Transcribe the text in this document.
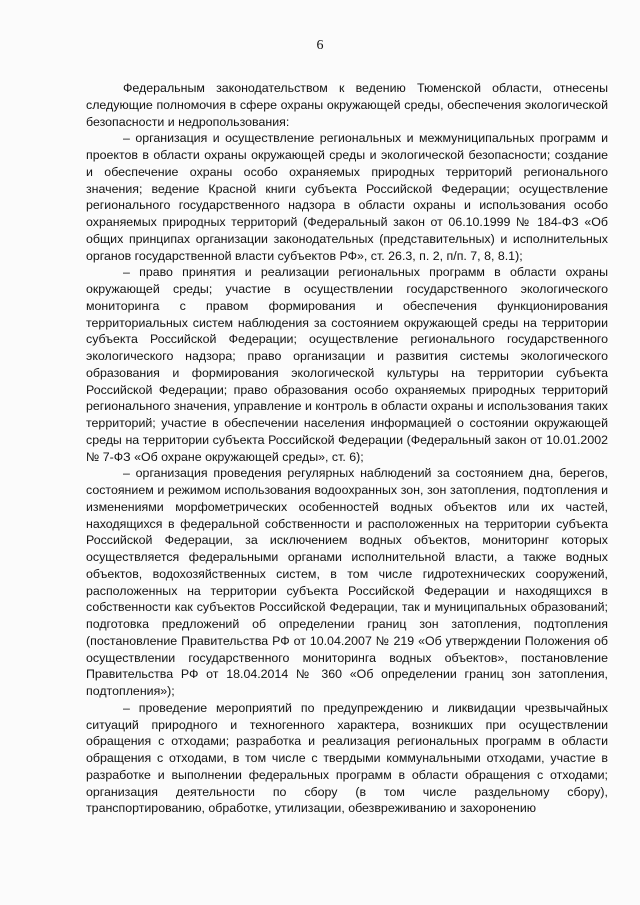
6

Федеральным законодательством к ведению Тюменской области, отнесены следующие полномочия в сфере охраны окружающей среды, обеспечения экологической безопасности и недропользования:

– организация и осуществление региональных и межмуниципальных программ и проектов в области охраны окружающей среды и экологической безопасности; создание и обеспечение охраны особо охраняемых природных территорий регионального значения; ведение Красной книги субъекта Российской Федерации; осуществление регионального государственного надзора в области охраны и использования особо охраняемых природных территорий (Федеральный закон от 06.10.1999 № 184-ФЗ «Об общих принципах организации законодательных (представительных) и исполнительных органов государственной власти субъектов РФ», ст. 26.3, п. 2, п/п. 7, 8, 8.1);

– право принятия и реализации региональных программ в области охраны окружающей среды; участие в осуществлении государственного экологического мониторинга с правом формирования и обеспечения функционирования территориальных систем наблюдения за состоянием окружающей среды на территории субъекта Российской Федерации; осуществление регионального государственного экологического надзора; право организации и развития системы экологического образования и формирования экологической культуры на территории субъекта Российской Федерации; право образования особо охраняемых природных территорий регионального значения, управление и контроль в области охраны и использования таких территорий; участие в обеспечении населения информацией о состоянии окружающей среды на территории субъекта Российской Федерации (Федеральный закон от 10.01.2002 № 7-ФЗ «Об охране окружающей среды», ст. 6);

– организация проведения регулярных наблюдений за состоянием дна, берегов, состоянием и режимом использования водоохранных зон, зон затопления, подтопления и изменениями морфометрических особенностей водных объектов или их частей, находящихся в федеральной собственности и расположенных на территории субъекта Российской Федерации, за исключением водных объектов, мониторинг которых осуществляется федеральными органами исполнительной власти, а также водных объектов, водохозяйственных систем, в том числе гидротехнических сооружений, расположенных на территории субъекта Российской Федерации и находящихся в собственности как субъектов Российской Федерации, так и муниципальных образований; подготовка предложений об определении границ зон затопления, подтопления (постановление Правительства РФ от 10.04.2007 № 219 «Об утверждении Положения об осуществлении государственного мониторинга водных объектов», постановление Правительства РФ от 18.04.2014 № 360 «Об определении границ зон затопления, подтопления»);

– проведение мероприятий по предупреждению и ликвидации чрезвычайных ситуаций природного и техногенного характера, возникших при осуществлении обращения с отходами; разработка и реализация региональных программ в области обращения с отходами, в том числе с твердыми коммунальными отходами, участие в разработке и выполнении федеральных программ в области обращения с отходами; организация деятельности по сбору (в том числе раздельному сбору), транспортированию, обработке, утилизации, обезвреживанию и захоронению
